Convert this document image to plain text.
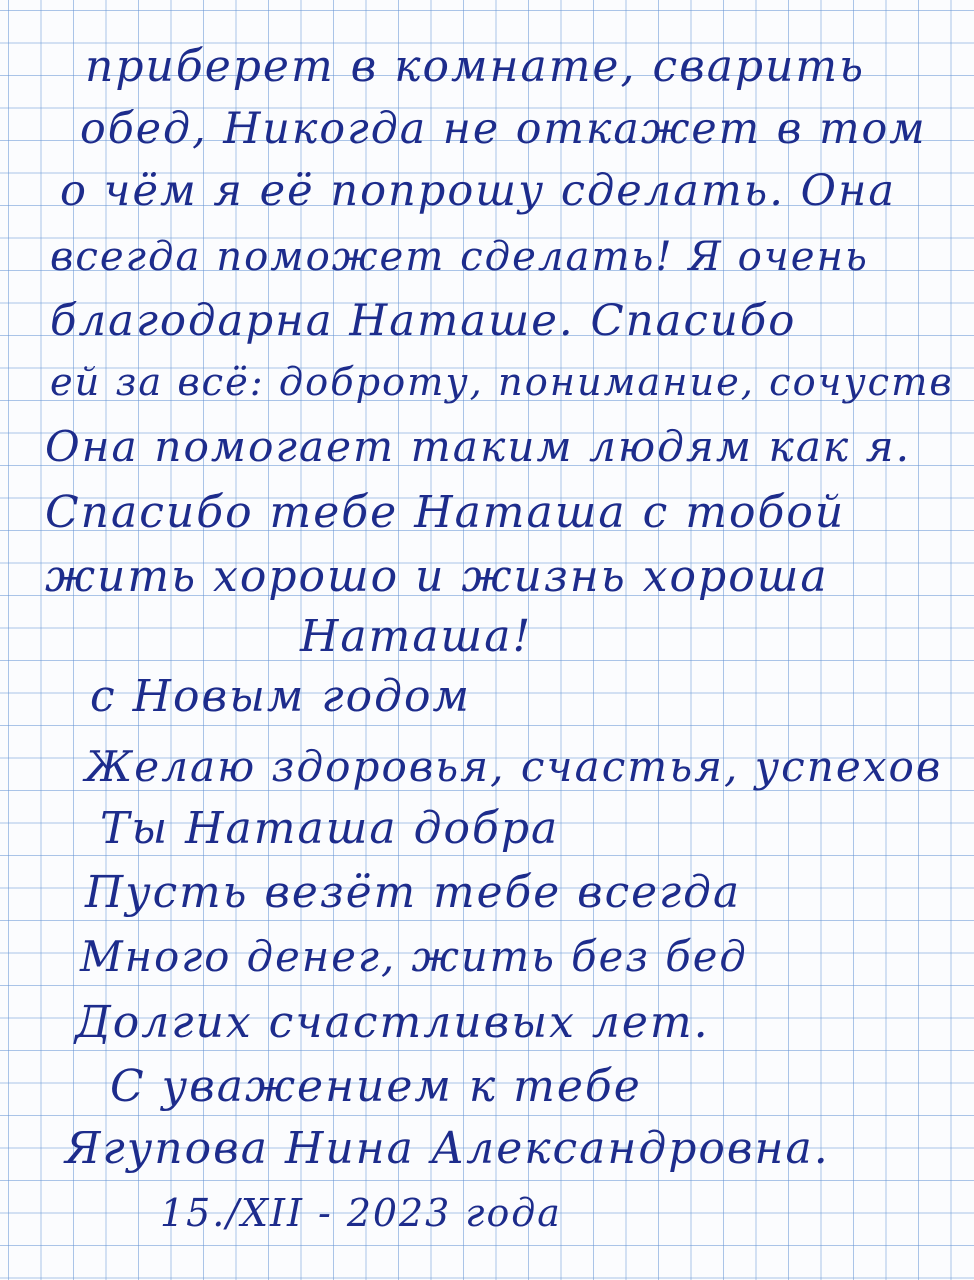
приберет в комнате, сварить
обед, Никогда не откажет в том
о чём я её попрошу сделать. Она
всегда поможет сделать! Я очень
благодарна Наташе. Спасибо
ей за всё: доброту, понимание, сочуств
Она помогает таким людям как я.
Спасибо тебе Наташа с тобой
жить хорошо и жизнь хороша
Наташа!
с Новым годом
Желаю здоровья, счастья, успехов
Ты Наташа добра
Пусть везёт тебе всегда
Много денег, жить без бед
Долгих счастливых лет.
С уважением к тебе
Ягупова Нина Александровна.
15./XII - 2023 года
